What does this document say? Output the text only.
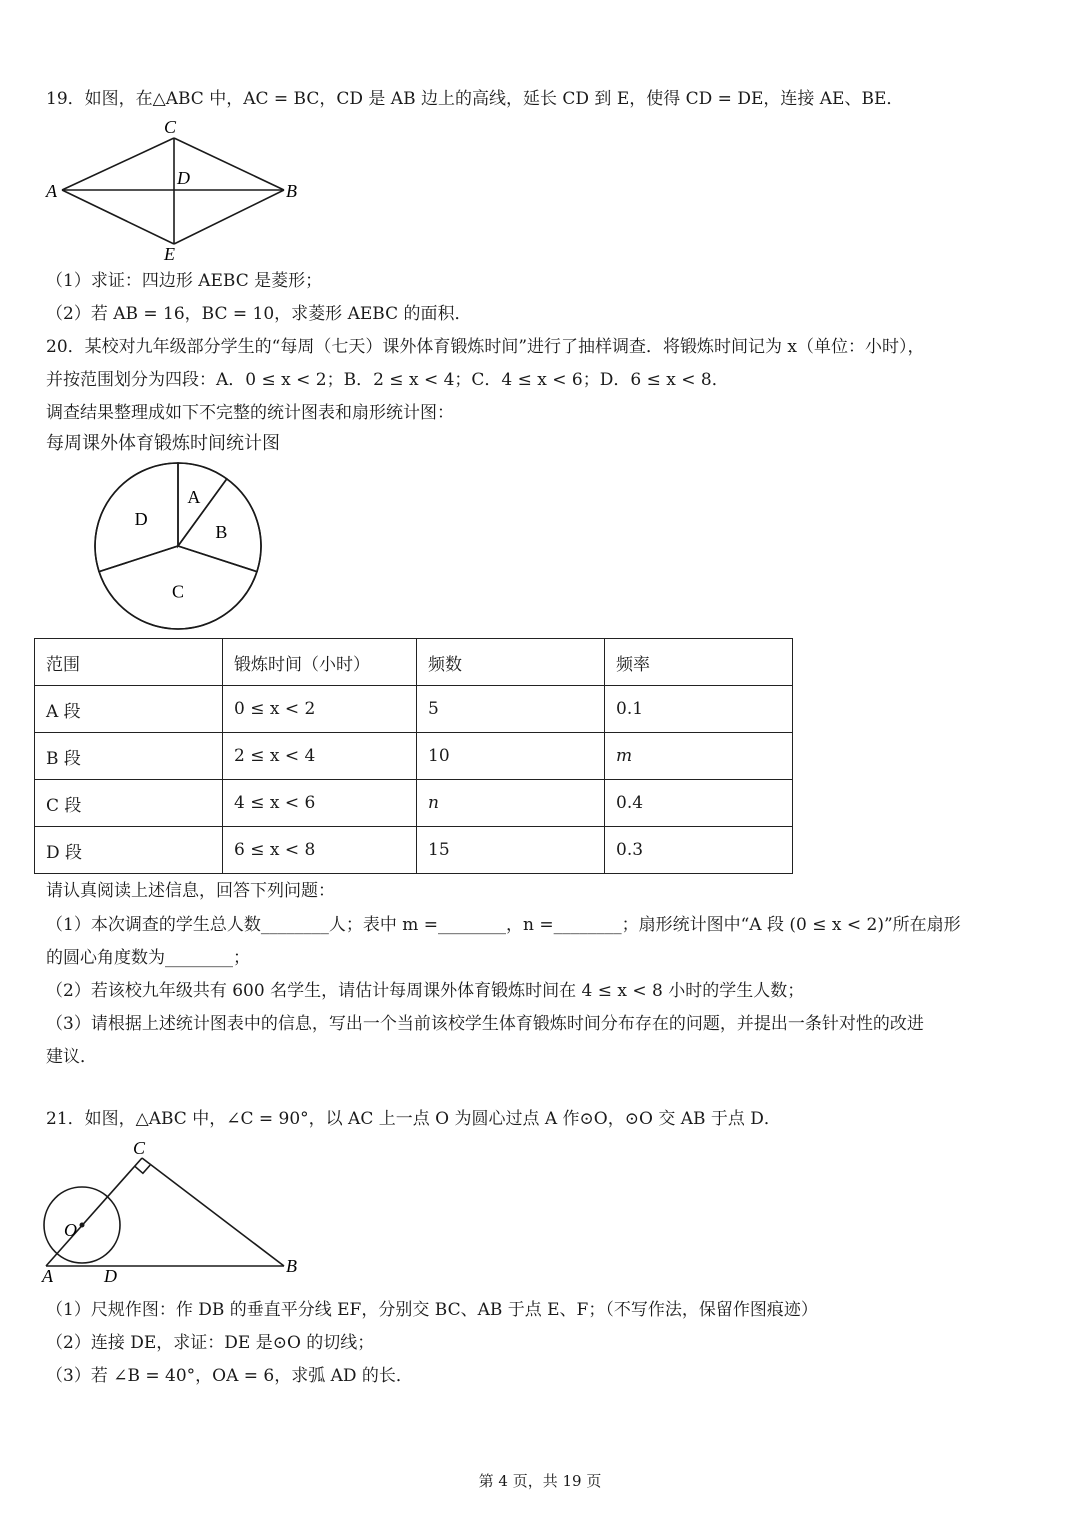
19．如图，在△ABC 中，AC = BC，CD 是 AB 边上的高线，延长 CD 到 E，使得 CD = DE，连接 AE、BE．
C
D
A	B
E
（1）求证：四边形 AEBC 是菱形；
（2）若 AB = 16，BC = 10，求菱形 AEBC 的面积．
20．某校对九年级部分学生的“每周（七天）课外体育锻炼时间”进行了抽样调查．将锻炼时间记为 x（单位：小时），
并按范围划分为四段：A．0 ≤ x < 2；B．2 ≤ x < 4；C．4 ≤ x < 6；D．6 ≤ x < 8．
调查结果整理成如下不完整的统计图表和扇形统计图：
每周课外体育锻炼时间统计图
A
B
C
D
范围	锻炼时间（小时）	频数	频率
A 段	0 ≤ x < 2	5	0.1
B 段	2 ≤ x < 4	10	m
C 段	4 ≤ x < 6	n	0.4
D 段	6 ≤ x < 8	15	0.3
请认真阅读上述信息，回答下列问题：
（1）本次调查的学生总人数________人；表中 m =________，n =________；扇形统计图中“A 段 (0 ≤ x < 2)”所在扇形
的圆心角度数为________；
（2）若该校九年级共有 600 名学生，请估计每周课外体育锻炼时间在 4 ≤ x < 8 小时的学生人数；
（3）请根据上述统计图表中的信息，写出一个当前该校学生体育锻炼时间分布存在的问题，并提出一条针对性的改进
建议．
21．如图，△ABC 中，∠C = 90°，以 AC 上一点 O 为圆心过点 A 作⊙O，⊙O 交 AB 于点 D．
C
O
A	D	B
（1）尺规作图：作 DB 的垂直平分线 EF，分别交 BC、AB 于点 E、F；（不写作法，保留作图痕迹）
（2）连接 DE，求证：DE 是⊙O 的切线；
（3）若 ∠B = 40°，OA = 6，求弧 AD 的长．
第 4 页，共 19 页
